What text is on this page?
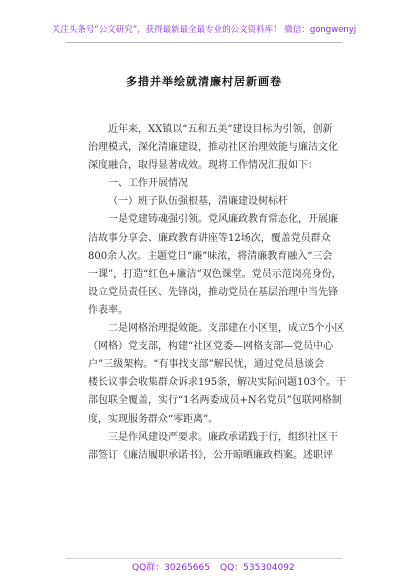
关注头条号“公文研究”，获得最新最全最专业的公文资料库！ 微信：gongwenyj
多措并举绘就清廉村居新画卷
近年来，XX镇以“五和五美”建设目标为引领，创新
治理模式，深化清廉建设，推动社区治理效能与廉洁文化
深度融合，取得显著成效。现将工作情况汇报如下：
一、工作开展情况
（一）班子队伍强根基，清廉建设树标杆
一是党建铸魂强引领。党风廉政教育常态化，开展廉
洁故事分享会、廉政教育讲座等12场次，覆盖党员群众
800余人次。主题党日“廉”味浓，将清廉教育融入“三会
一课”，打造“红色+廉洁”双色课堂。党员示范岗亮身份，
设立党员责任区、先锋岗，推动党员在基层治理中当先锋
作表率。
二是网格治理提效能。支部建在小区里，成立5个小区
（网格）党支部，构建“社区党委—网格支部—党员中心
户”三级架构。“有事找支部”解民忧，通过党员恳谈会
楼长议事会收集群众诉求195条，解决实际问题103个。干
部包联全覆盖，实行“1名两委成员+N名党员”包联网格制
度，实现服务群众“零距离”。
三是作风建设严要求。廉政承诺践于行，组织社区干
部签订《廉洁履职承诺书》，公开晾晒廉政档案。述职评
QQ群：30265665 QQ：535304092
